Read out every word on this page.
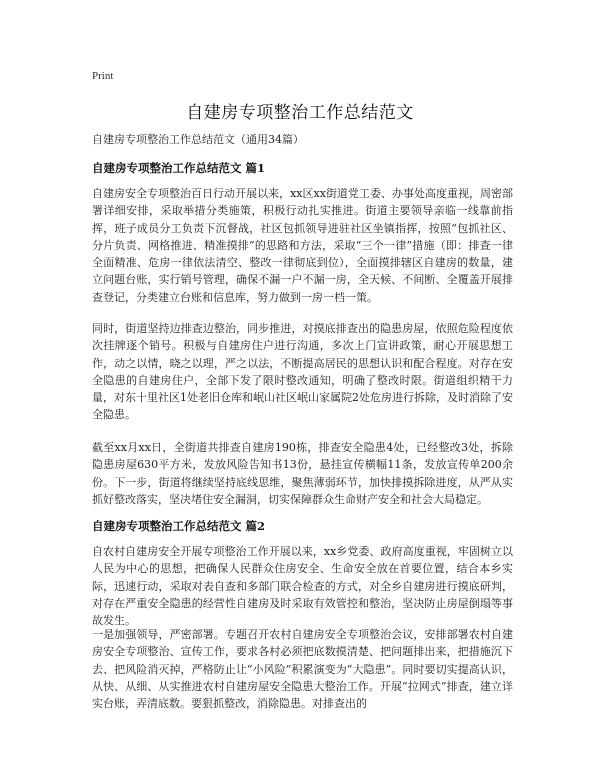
Print
自建房专项整治工作总结范文
自建房专项整治工作总结范文（通用34篇）
自建房专项整治工作总结范文 篇1

自建房安全专项整治百日行动开展以来，xx区xx街道党工委、办事处高度重视，周密部署详细安排，采取举措分类施策，积极行动扎实推进。街道主要领导亲临一线靠前指挥，班子成员分工负责下沉督战，社区包抓领导进驻社区坐镇指挥，按照“包抓社区、分片负责、网格推进、精准摸排”的思路和方法，采取“三个一律”措施（即：排查一律全面精准、危房一律依法清空、整改一律彻底到位），全面摸排辖区自建房的数量，建立问题台账，实行销号管理，确保不漏一户不漏一房，全天候、不间断、全覆盖开展排查登记，分类建立台账和信息库，努力做到一房一档一策。

同时，街道坚持边排查边整治，同步推进，对摸底排查出的隐患房屋，依照危险程度依次挂牌逐个销号。积极与自建房住户进行沟通，多次上门宣讲政策，耐心开展思想工作，动之以情，晓之以理，严之以法，不断提高居民的思想认识和配合程度。对存在安全隐患的自建房住户，全部下发了限时整改通知，明确了整改时限。街道组织精干力量，对东十里社区1处老旧仓库和岷山社区岷山家属院2处危房进行拆除，及时消除了安全隐患。

截至xx月xx日，全街道共排查自建房190栋，排查安全隐患4处，已经整改3处，拆除隐患房屋630平方米，发放风险告知书13份，悬挂宣传横幅11条，发放宣传单200余份。下一步，街道将继续坚持底线思维，聚焦薄弱环节，加快排摸拆除进度，从严从实抓好整改落实，坚决堵住安全漏洞，切实保障群众生命财产安全和社会大局稳定。

自建房专项整治工作总结范文 篇2

自农村自建房安全开展专项整治工作开展以来，xx乡党委、政府高度重视，牢固树立以人民为中心的思想，把确保人民群众住房安全、生命安全放在首要位置，结合本乡实际，迅速行动，采取对表自查和多部门联合检查的方式，对全乡自建房进行摸底研判，对存在严重安全隐患的经营性自建房及时采取有效管控和整治，坚决防止房屋倒塌等事故发生。

一是加强领导，严密部署。专题召开农村自建房安全专项整治会议，安排部署农村自建房安全专项整治、宣传工作，要求各村必须把底数摸清楚、把问题排出来，把措施沉下去、把风险消灭掉，严格防止让“小风险”积累演变为“大隐患”。同时要切实提高认识，从快、从细、从实推进农村自建房屋安全隐患大整治工作。开展“拉网式”排查，建立详实台账，弄清底数。要狠抓整改，消除隐患。对排查出的
